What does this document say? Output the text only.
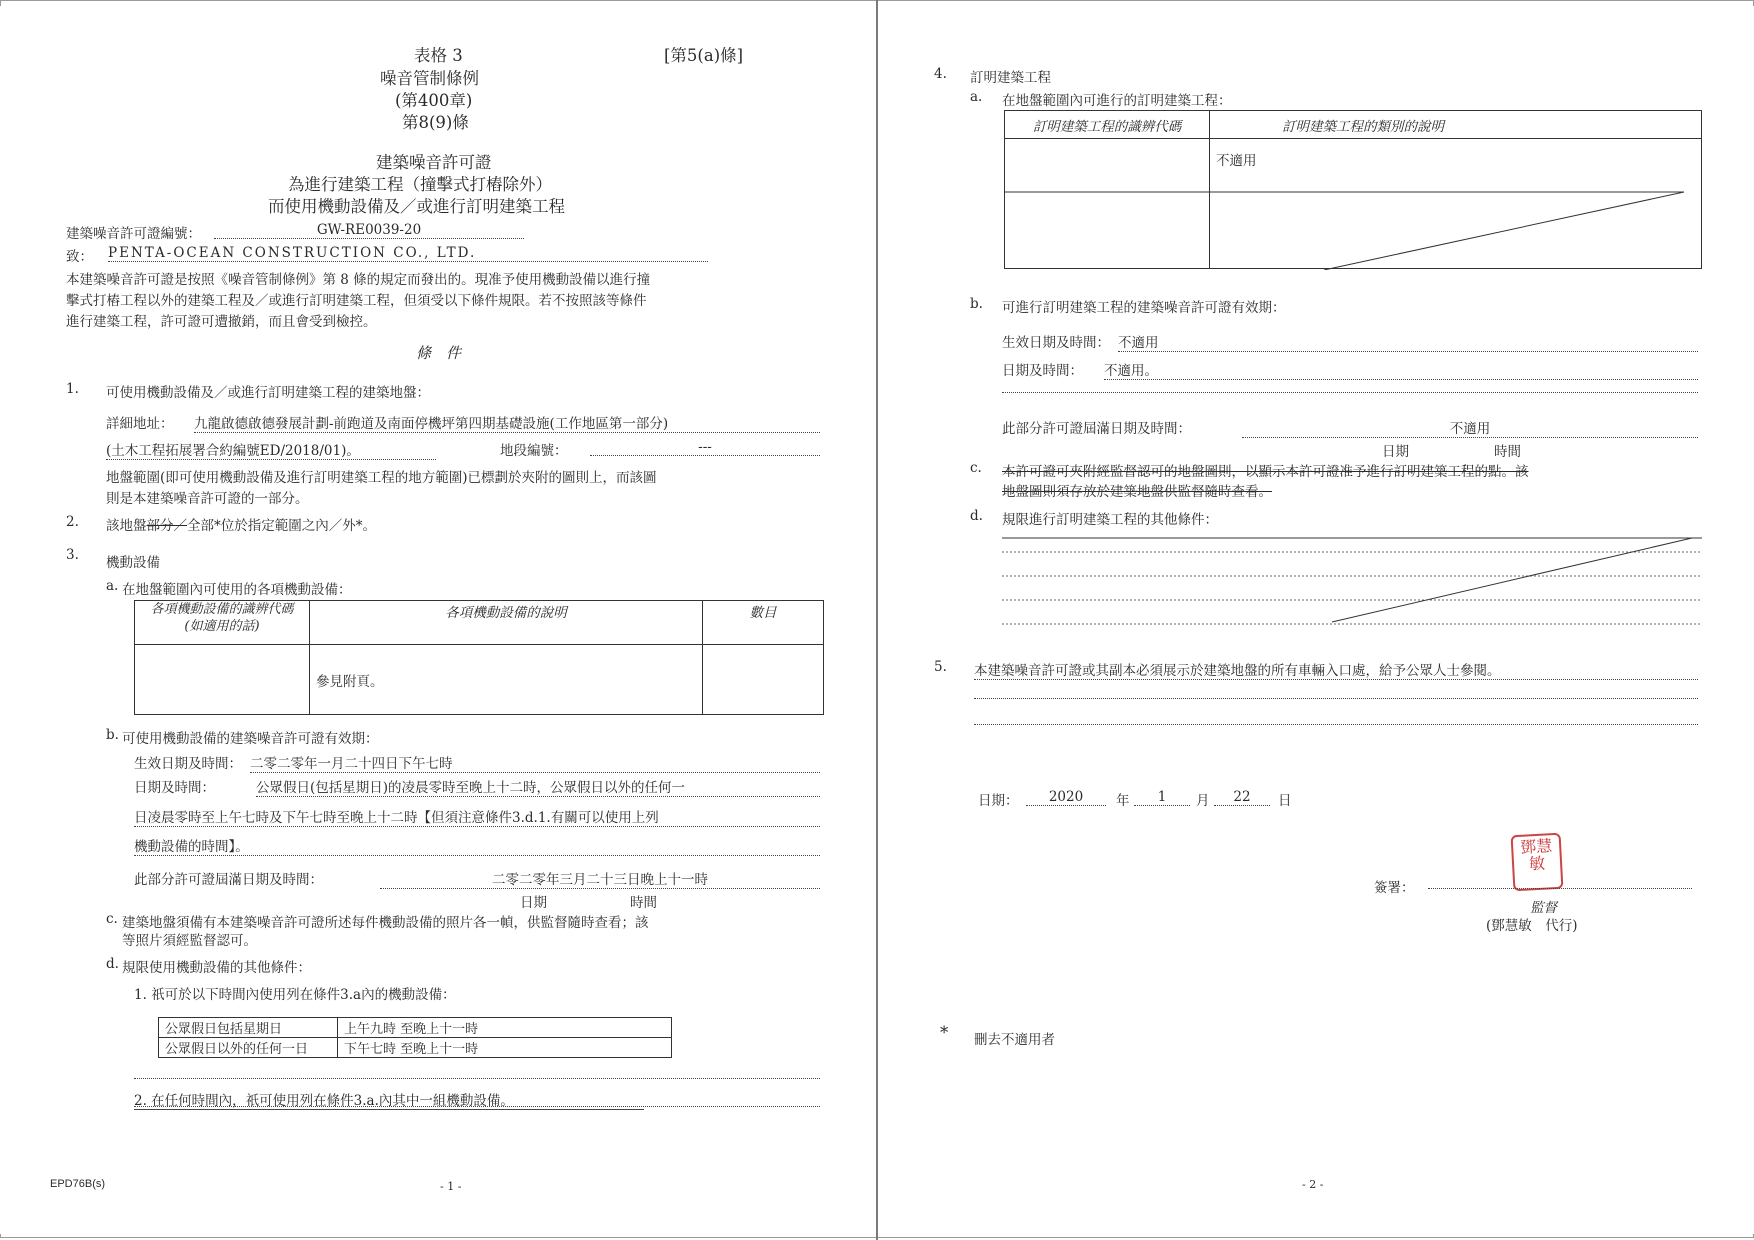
表格 3	[第5(a)條]
噪音管制條例
(第400章)
第8(9)條
建築噪音許可證
為進行建築工程（撞擊式打樁除外）
而使用機動設備及／或進行訂明建築工程
建築噪音許可證編號：	GW-RE0039-20
致： PENTA-OCEAN CONSTRUCTION CO., LTD.
本建築噪音許可證是按照《噪音管制條例》第 8 條的規定而發出的。現准予使用機動設備以進行撞
擊式打樁工程以外的建築工程及／或進行訂明建築工程，但須受以下條件規限。若不按照該等條件
進行建築工程，許可證可遭撤銷，而且會受到檢控。
條　件
1. 可使用機動設備及／或進行訂明建築工程的建築地盤：
詳細地址： 九龍啟德啟德發展計劃-前跑道及南面停機坪第四期基礎設施(工作地區第一部分)
(土木工程拓展署合約編號ED/2018/01)。	地段編號：	---
地盤範圍(即可使用機動設備及進行訂明建築工程的地方範圍)已標劃於夾附的圖則上，而該圖
則是本建築噪音許可證的一部分。
2. 該地盤部分／全部*位於指定範圍之內／外*。
3. 機動設備
a. 在地盤範圍內可使用的各項機動設備：
各項機動設備的識辨代碼
(如適用的話)	各項機動設備的說明	數目
	參見附頁。	
b. 可使用機動設備的建築噪音許可證有效期：
生效日期及時間： 二零二零年一月二十四日下午七時
日期及時間：	公眾假日(包括星期日)的凌晨零時至晚上十二時，公眾假日以外的任何一
日凌晨零時至上午七時及下午七時至晚上十二時【但須注意條件3.d.1.有關可以使用上列
機動設備的時間】。
此部分許可證屆滿日期及時間：	二零二零年三月二十三日晚上十一時
日期	時間
c. 建築地盤須備有本建築噪音許可證所述每件機動設備的照片各一幀，供監督隨時查看；該
等照片須經監督認可。
d. 規限使用機動設備的其他條件：
1. 祇可於以下時間內使用列在條件3.a內的機動設備：
公眾假日包括星期日	上午九時 至晚上十一時
公眾假日以外的任何一日	下午七時 至晚上十一時
2. 在任何時間內，祇可使用列在條件3.a.內其中一組機動設備。
EPD76B(s)	- 1 -
4. 訂明建築工程
a. 在地盤範圍內可進行的訂明建築工程：
訂明建築工程的識辨代碼	訂明建築工程的類別的說明
	不適用
b. 可進行訂明建築工程的建築噪音許可證有效期：
生效日期及時間： 不適用
日期及時間： 不適用。
此部分許可證屆滿日期及時間：	不適用
日期	時間
c. 本許可證可夾附經監督認可的地盤圖則，以顯示本許可證准予進行訂明建築工程的點。該
地盤圖則須存放於建築地盤供監督隨時查看。
d. 規限進行訂明建築工程的其他條件：
5. 本建築噪音許可證或其副本必須展示於建築地盤的所有車輛入口處，給予公眾人士參閱。
日期：	2020	年	1	月	22	日
鄧慧敏
簽署：
監督
(鄧慧敏　代行)
* 刪去不適用者
- 2 -
